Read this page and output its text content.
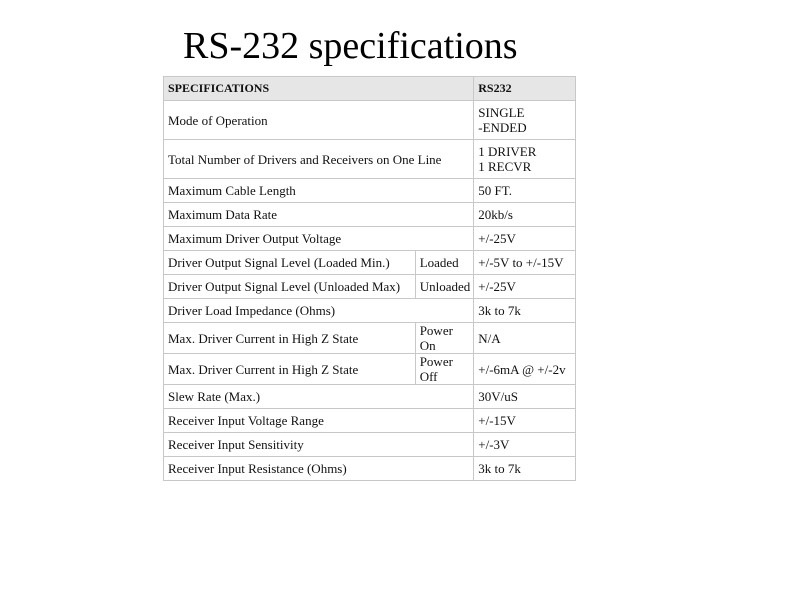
RS-232 specifications
SPECIFICATIONS		RS232
Mode of Operation		SINGLE
-ENDED
Total Number of Drivers and Receivers on One Line		1 DRIVER
1 RECVR
Maximum Cable Length		50 FT.
Maximum Data Rate		20kb/s
Maximum Driver Output Voltage		+/-25V
Driver Output Signal Level (Loaded Min.)	Loaded	+/-5V to +/-15V
Driver Output Signal Level (Unloaded Max)	Unloaded	+/-25V
Driver Load Impedance (Ohms)		3k to 7k
Max. Driver Current in High Z State	Power On	N/A
Max. Driver Current in High Z State	Power Off	+/-6mA @ +/-2v
Slew Rate (Max.)		30V/uS
Receiver Input Voltage Range		+/-15V
Receiver Input Sensitivity		+/-3V
Receiver Input Resistance (Ohms)		3k to 7k
